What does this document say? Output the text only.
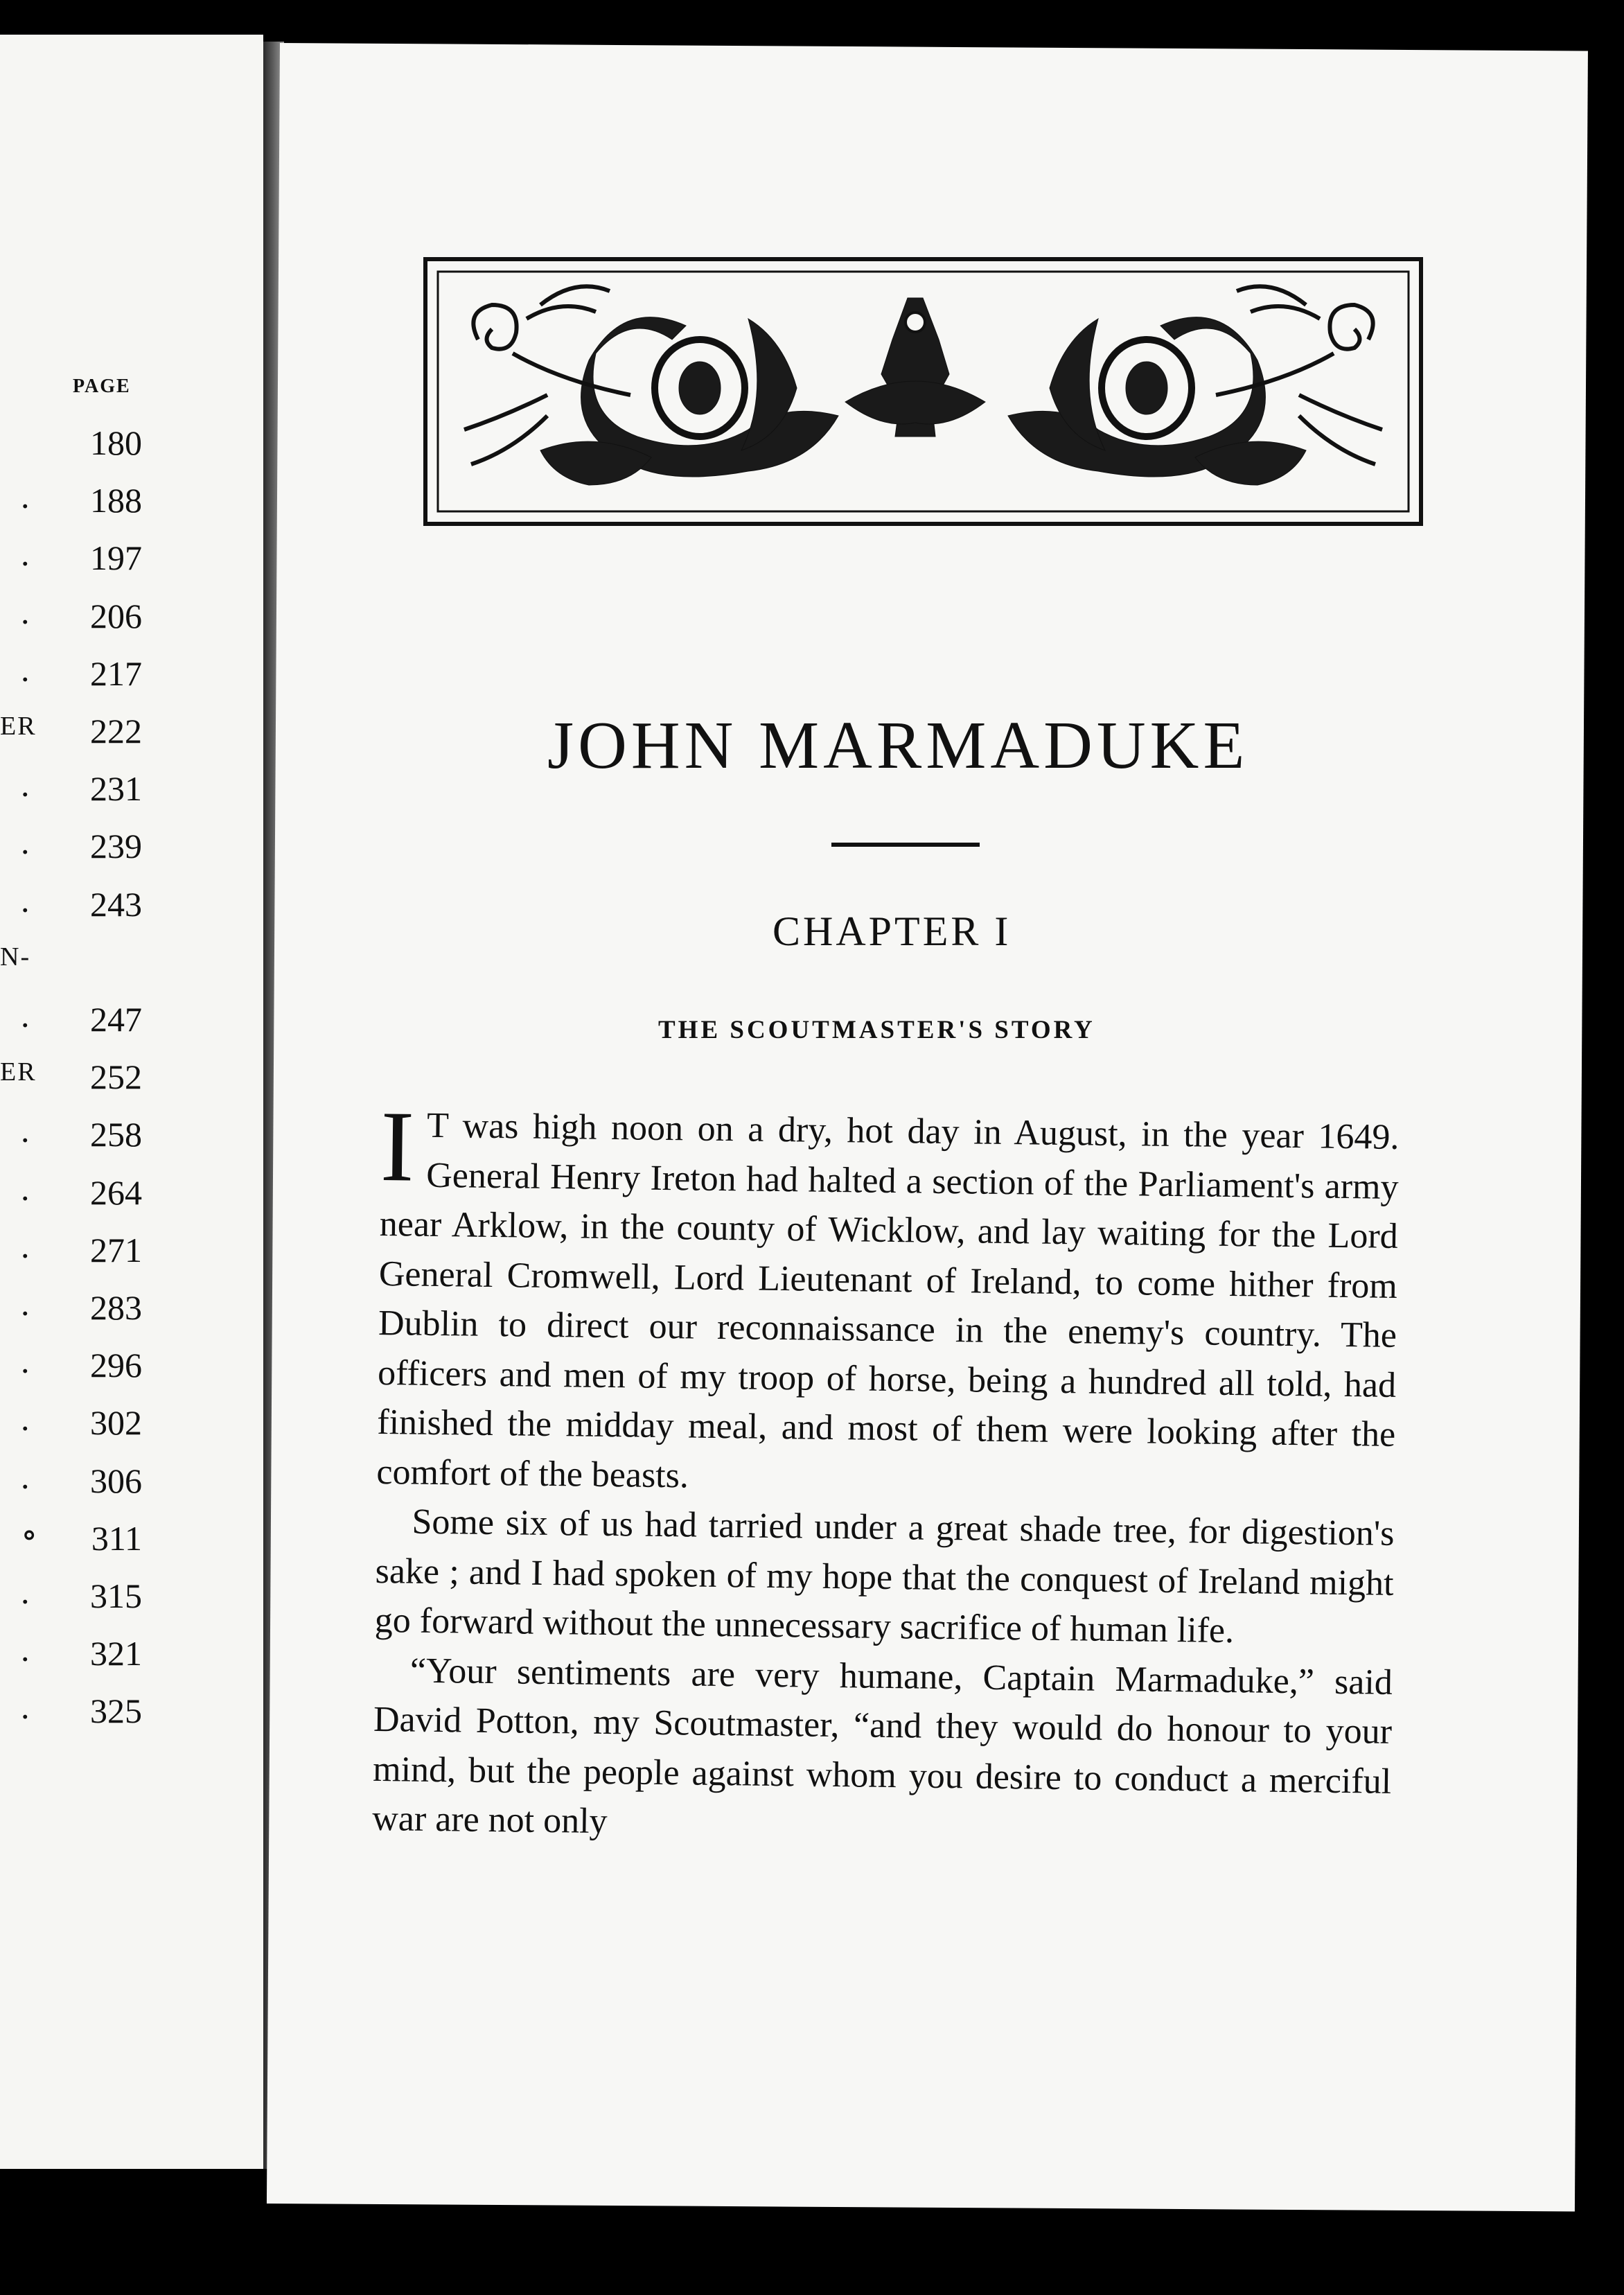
PAGE
180
. 188
. 197
. 206
. 217
ER 222
. 231
. 239
. 243
N-
. 247
ER 252
. 258
. 264
. 271
. 283
. 296
. 302
. 306
∘ 311
. 315
. 321
. 325
JOHN MARMADUKE
CHAPTER I
THE SCOUTMASTER'S STORY

I T was high noon on a dry, hot day in August, in the year 1649. General Henry Ireton had halted a section of the Parliament's army near Arklow, in the county of Wicklow, and lay waiting for the Lord General Cromwell, Lord Lieutenant of Ireland, to come hither from Dublin to direct our reconnaissance in the enemy's country. The officers and men of my troop of horse, being a hundred all told, had finished the midday meal, and most of them were looking after the comfort of the beasts.

Some six of us had tarried under a great shade tree, for digestion's sake ; and I had spoken of my hope that the conquest of Ireland might go forward without the unnecessary sacrifice of human life.

“Your sentiments are very humane, Captain Marmaduke,” said David Potton, my Scoutmaster, “and they would do honour to your mind, but the people against whom you desire to conduct a merciful war are not only
